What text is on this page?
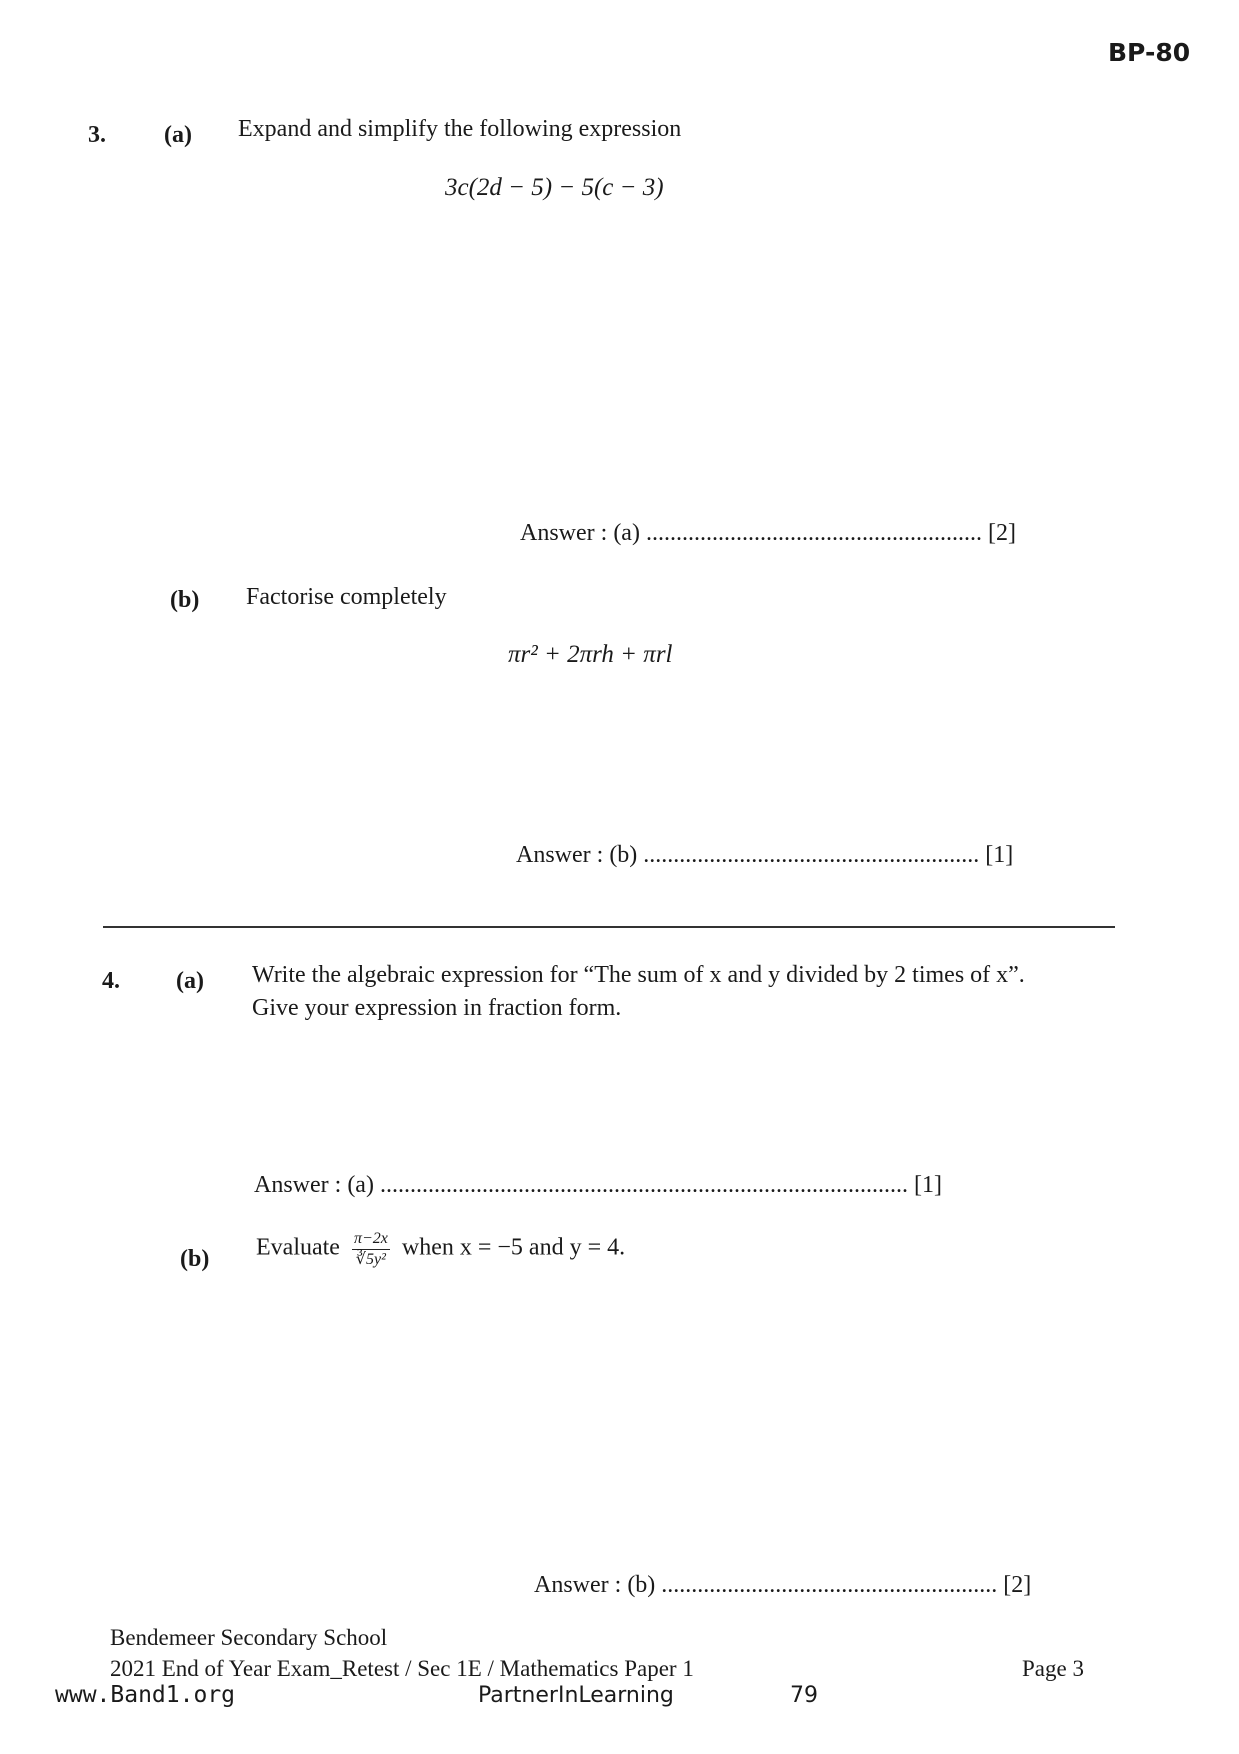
BP-80
3. (a) Expand and simplify the following expression
3c(2d − 5) − 5(c − 3)
Answer : (a) ........................................................ [2]
(b) Factorise completely
πr² + 2πrh + πrl
Answer : (b) ........................................................ [1]
4. (a) Write the algebraic expression for “The sum of x and y divided by 2 times of x”.
Give your expression in fraction form.
Answer : (a) ........................................................................................ [1]
(b) Evaluate $\frac{\pi-2x}{\text{∛5y²}}$ when x = −5 and y = 4.
Answer : (b) ........................................................ [2]
Bendemeer Secondary School
2021 End of Year Exam_Retest / Sec 1E / Mathematics Paper 1	Page 3
www.Band1.org	PartnerInLearning	79
